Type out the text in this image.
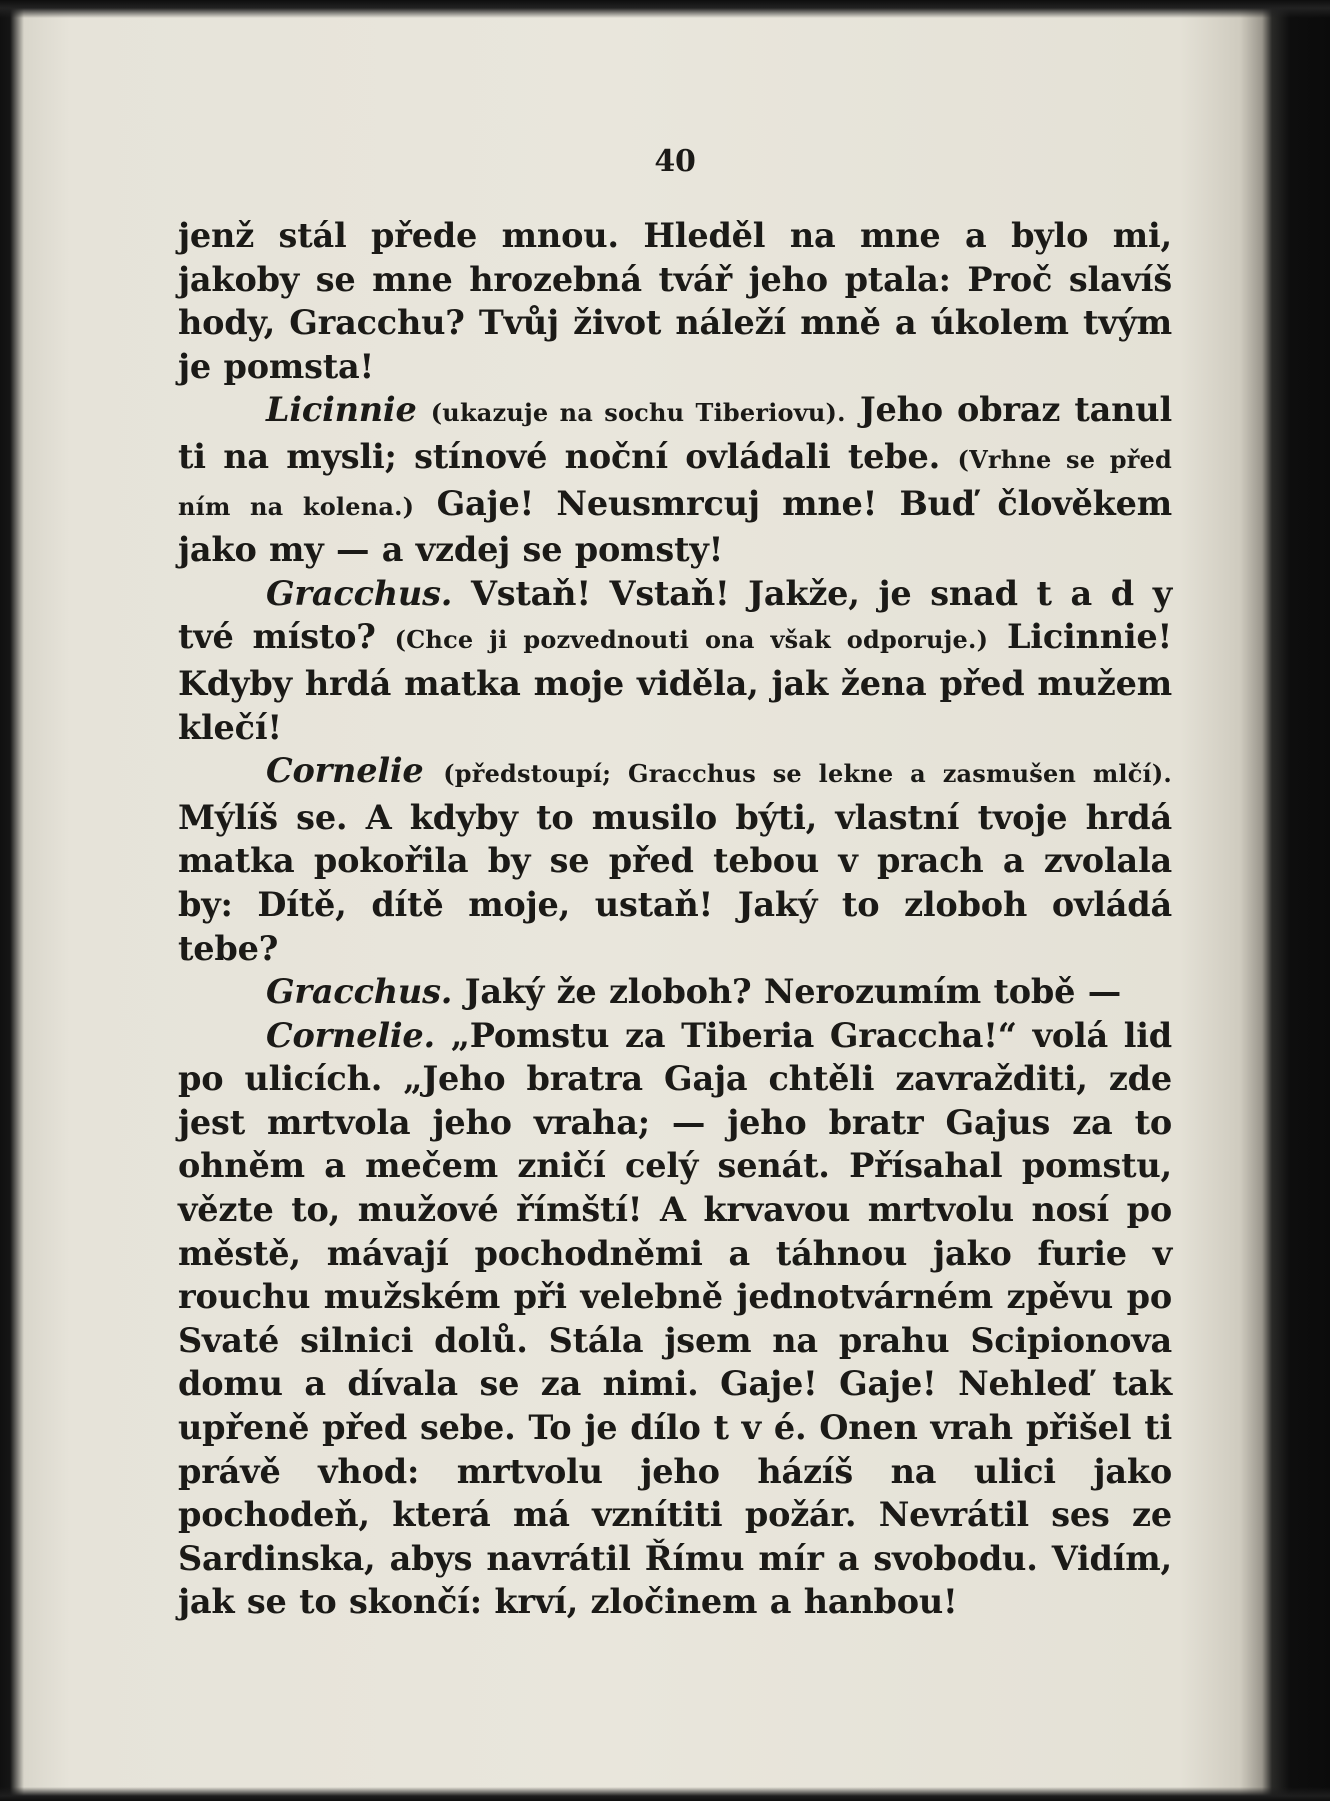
40

jenž stál přede mnou. Hleděl na mne a bylo mi, jakoby se mne hrozebná tvář jeho ptala: Proč slavíš hody, Gracchu? Tvůj život náleží mně a úkolem tvým je pomsta!

Licinnie (ukazuje na sochu Tiberiovu). Jeho obraz tanul ti na mysli; stínové noční ovládali tebe. (Vrhne se před ním na kolena.) Gaje! Neusmrcuj mne! Buď člověkem jako my — a vzdej se pomsty!

Gracchus. Vstaň! Vstaň! Jakže, je snad t a d y tvé místo? (Chce ji pozvednouti ona však odporuje.) Licinnie! Kdyby hrdá matka moje viděla, jak žena před mužem klečí!

Cornelie (předstoupí; Gracchus se lekne a zasmušen mlčí). Mýlíš se. A kdyby to musilo býti, vlastní tvoje hrdá matka pokořila by se před tebou v prach a zvolala by: Dítě, dítě moje, ustaň! Jaký to zloboh ovládá tebe?

Gracchus. Jaký že zloboh? Nerozumím tobě —

Cornelie. „Pomstu za Tiberia Graccha!“ volá lid po ulicích. „Jeho bratra Gaja chtěli zavražditi, zde jest mrtvola jeho vraha; — jeho bratr Gajus za to ohněm a mečem zničí celý senát. Přísahal pomstu, vězte to, mužové římští! A krvavou mrtvolu nosí po městě, mávají pochodněmi a táhnou jako furie v rouchu mužském při velebně jednotvárném zpěvu po Svaté silnici dolů. Stála jsem na prahu Scipionova domu a dívala se za nimi. Gaje! Gaje! Nehleď tak upřeně před sebe. To je dílo t v é. Onen vrah přišel ti právě vhod: mrtvolu jeho házíš na ulici jako pochodeň, která má vznítiti požár. Nevrátil ses ze Sardinska, abys navrátil Římu mír a svobodu. Vidím, jak se to skončí: krví, zločinem a hanbou!
